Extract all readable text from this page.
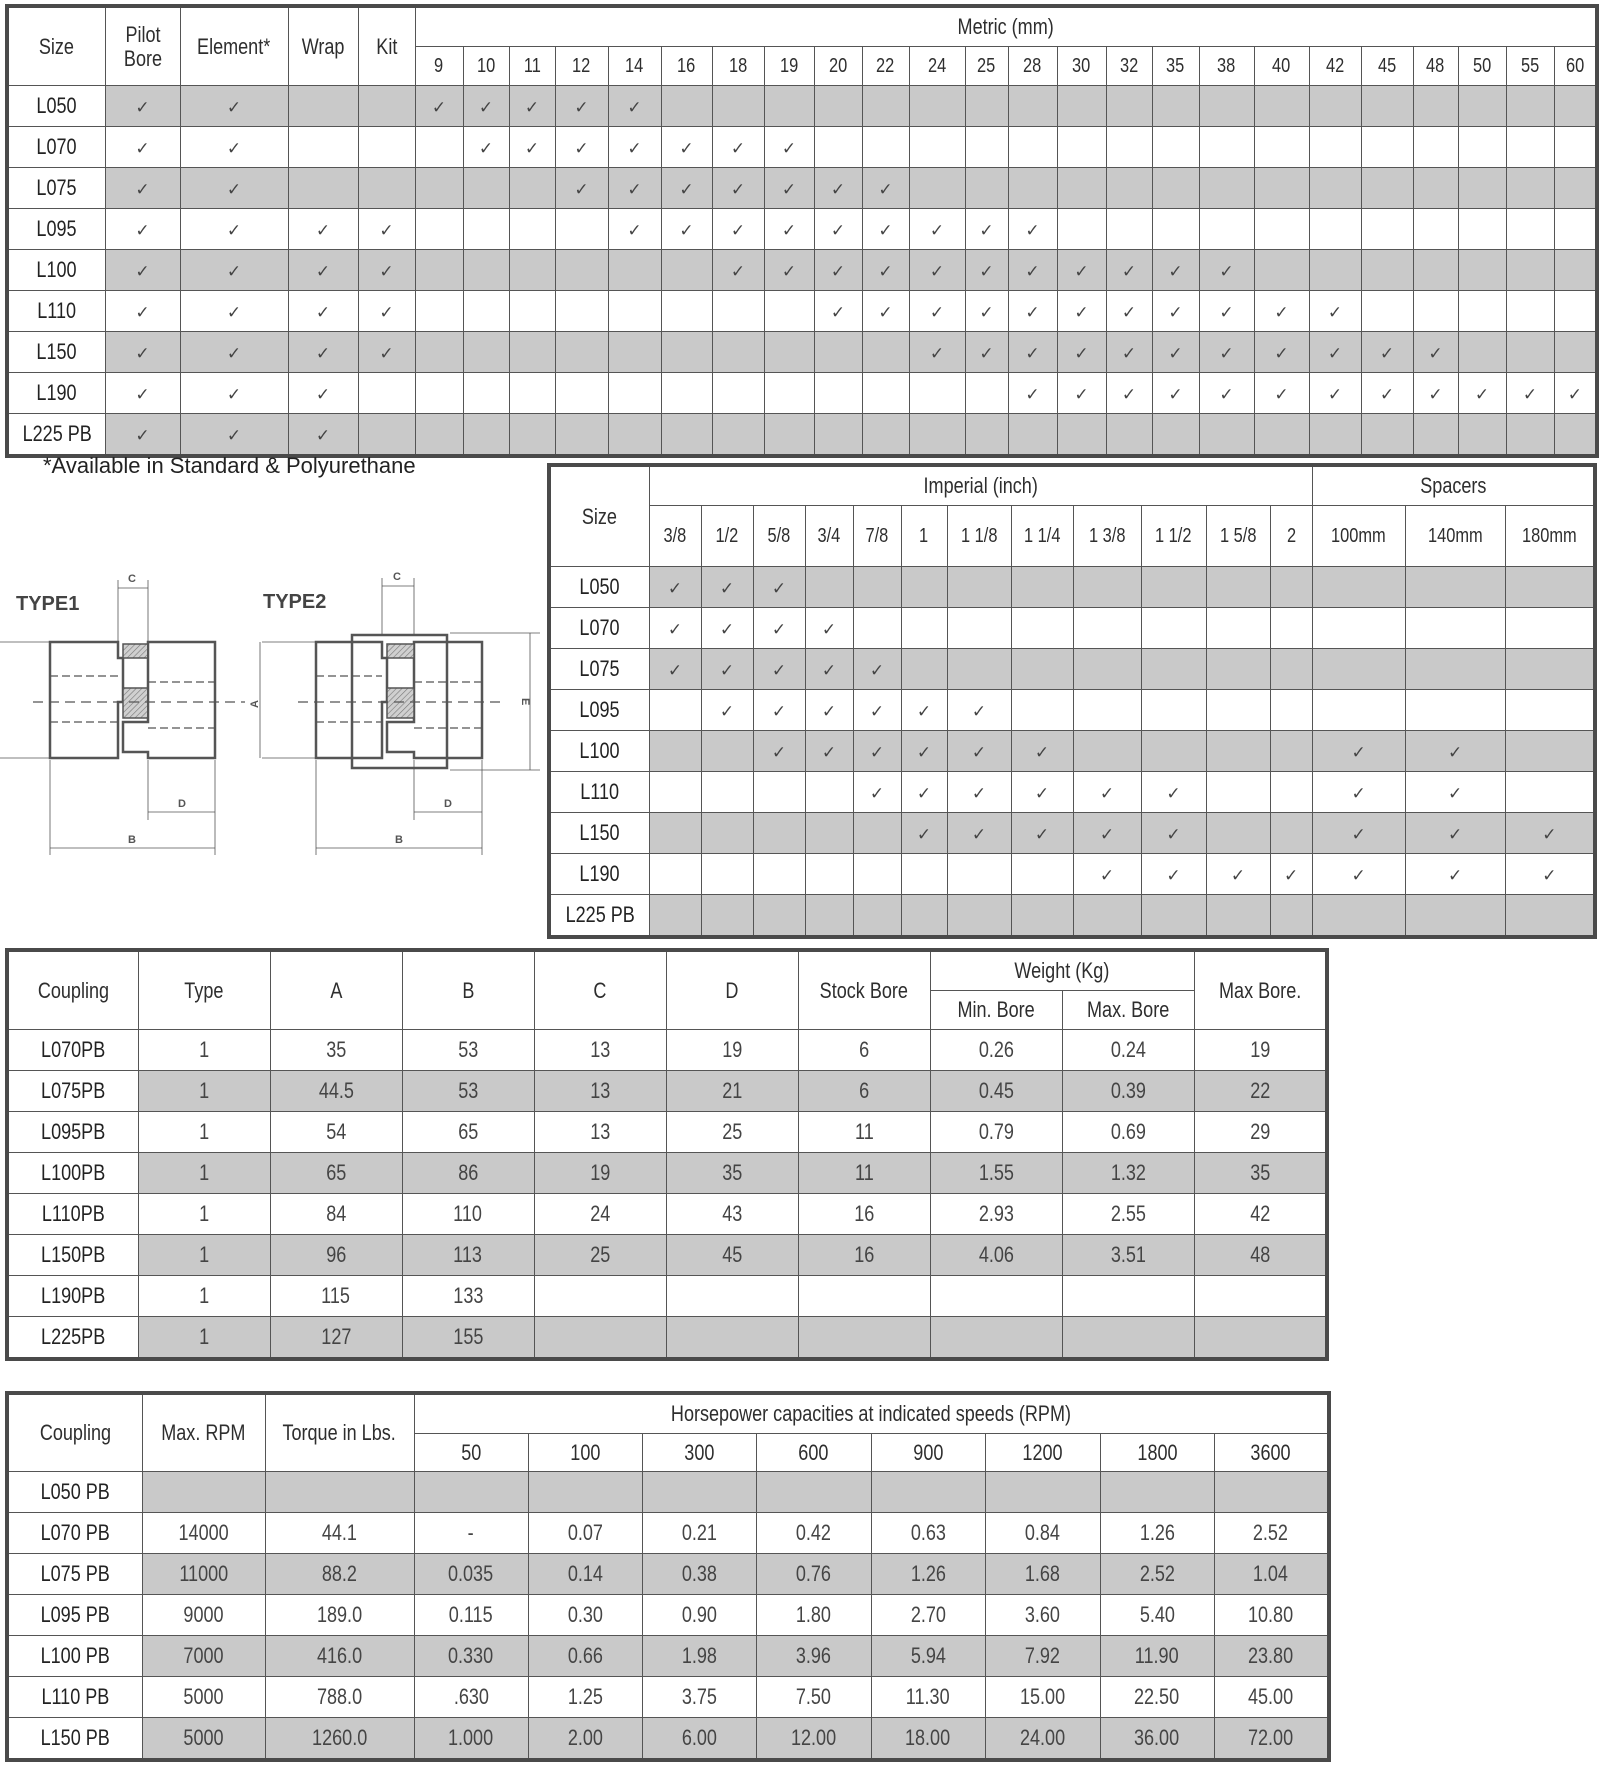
Size	Pilot Bore	Element*	Wrap	Kit	Metric (mm)																							
					9	10	11	12	14	16	18	19	20	22	24	25	28	30	32	35	38	40	42	45	48	50	55	60
L050	✓	✓			✓	✓	✓	✓	✓																			
L070	✓	✓				✓	✓	✓	✓	✓	✓	✓																
L075	✓	✓						✓	✓	✓	✓	✓	✓	✓														
L095	✓	✓	✓	✓					✓	✓	✓	✓	✓	✓	✓	✓	✓											
L100	✓	✓	✓	✓							✓	✓	✓	✓	✓	✓	✓	✓	✓	✓	✓							
L110	✓	✓	✓	✓									✓	✓	✓	✓	✓	✓	✓	✓	✓	✓	✓					
L150	✓	✓	✓	✓											✓	✓	✓	✓	✓	✓	✓	✓	✓	✓	✓			
L190	✓	✓	✓														✓	✓	✓	✓	✓	✓	✓	✓	✓	✓	✓	✓
L225 PB	✓	✓	✓																									
*Available in Standard & Polyurethane
TYPE1
C
D
B
A
TYPE2
C
D
B
E
Size	Imperial (inch)												Spacers		
	3/8	1/2	5/8	3/4	7/8	1	1 1/8	1 1/4	1 3/8	1 1/2	1 5/8	2	100mm	140mm	180mm
L050	✓	✓	✓												
L070	✓	✓	✓	✓											
L075	✓	✓	✓	✓	✓										
L095		✓	✓	✓	✓	✓	✓								
L100			✓	✓	✓	✓	✓	✓					✓	✓	
L110					✓	✓	✓	✓	✓	✓			✓	✓	
L150						✓	✓	✓	✓	✓			✓	✓	✓
L190									✓	✓	✓	✓	✓	✓	✓
L225 PB															
Coupling	Type	A	B	C	D	Stock Bore	Weight (Kg)		Max Bore.
							Min. Bore	Max. Bore	
L070PB	1	35	53	13	19	6	0.26	0.24	19
L075PB	1	44.5	53	13	21	6	0.45	0.39	22
L095PB	1	54	65	13	25	11	0.79	0.69	29
L100PB	1	65	86	19	35	11	1.55	1.32	35
L110PB	1	84	110	24	43	16	2.93	2.55	42
L150PB	1	96	113	25	45	16	4.06	3.51	48
L190PB	1	115	133						
L225PB	1	127	155						
Coupling	Max. RPM	Torque in Lbs.	Horsepower capacities at indicated speeds (RPM)							
			50	100	300	600	900	1200	1800	3600
L050 PB										
L070 PB	14000	44.1	-	0.07	0.21	0.42	0.63	0.84	1.26	2.52
L075 PB	11000	88.2	0.035	0.14	0.38	0.76	1.26	1.68	2.52	1.04
L095 PB	9000	189.0	0.115	0.30	0.90	1.80	2.70	3.60	5.40	10.80
L100 PB	7000	416.0	0.330	0.66	1.98	3.96	5.94	7.92	11.90	23.80
L110 PB	5000	788.0	.630	1.25	3.75	7.50	11.30	15.00	22.50	45.00
L150 PB	5000	1260.0	1.000	2.00	6.00	12.00	18.00	24.00	36.00	72.00
